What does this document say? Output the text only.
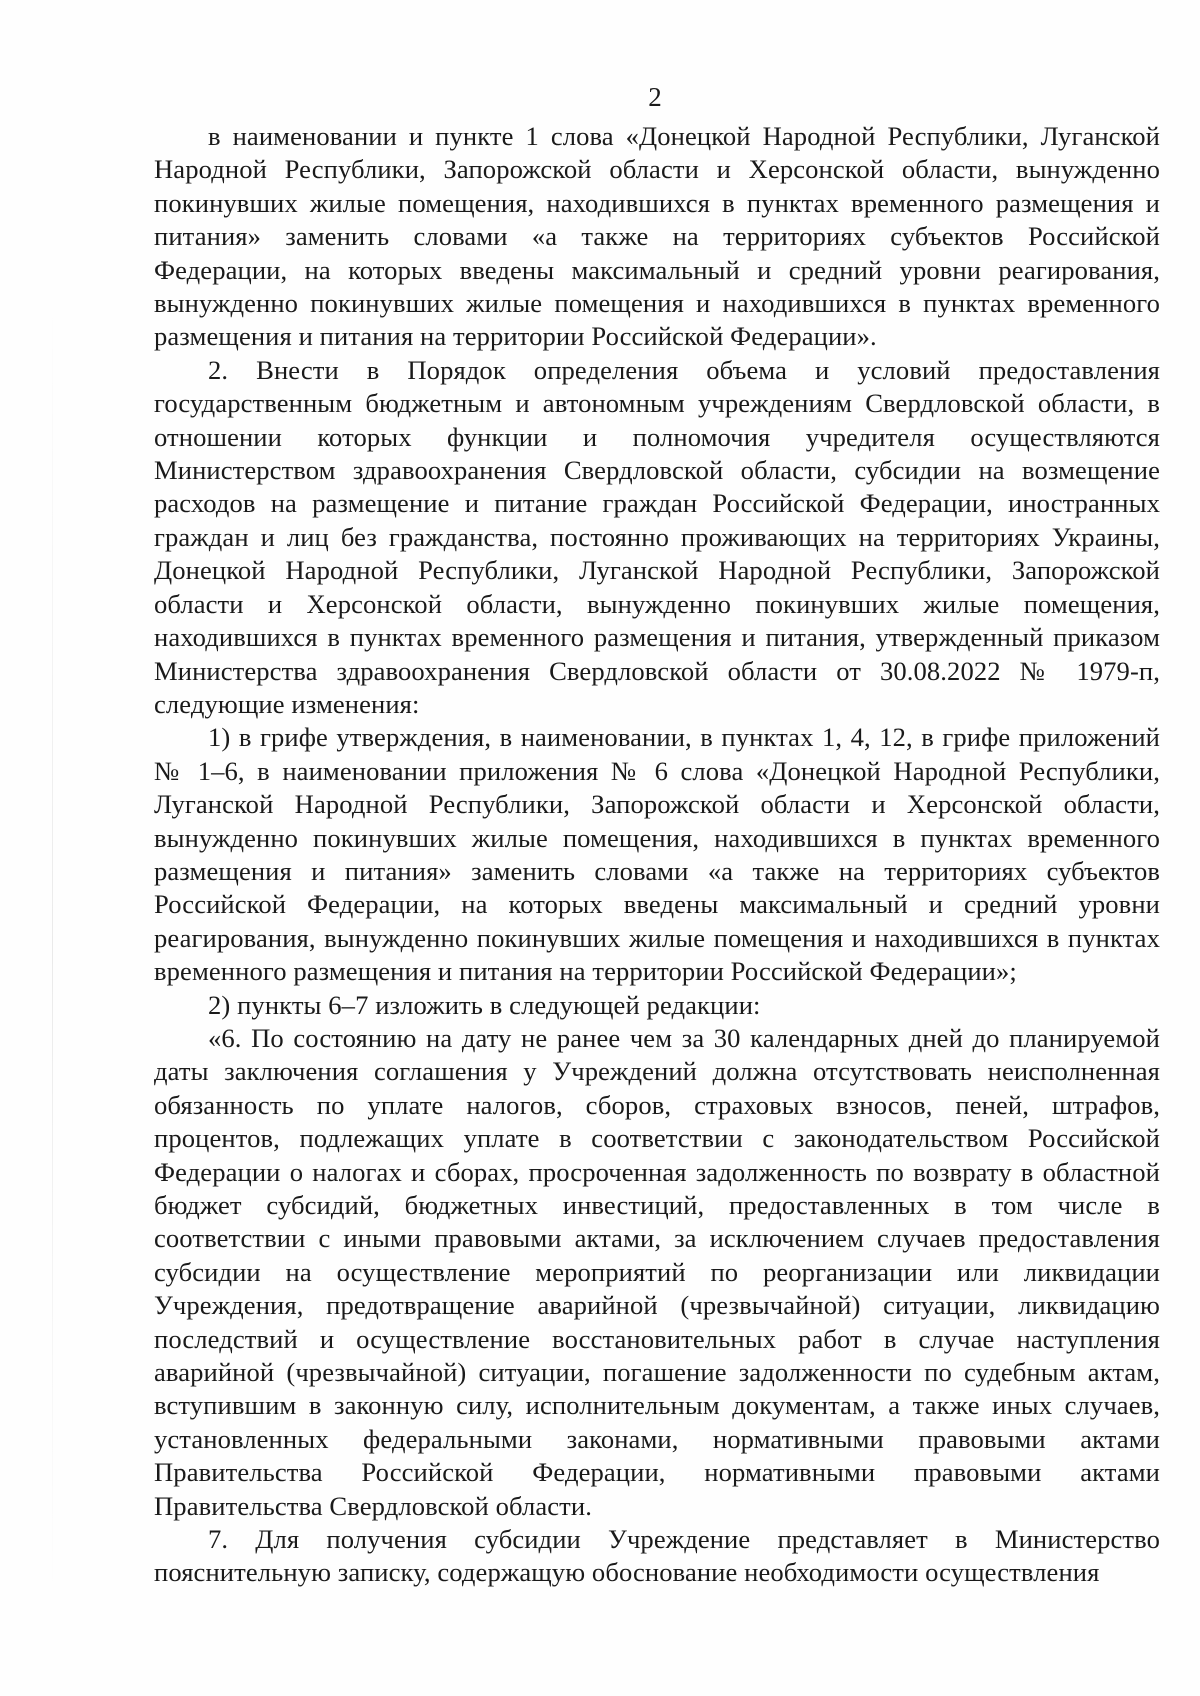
2

в наименовании и пункте 1 слова «Донецкой Народной Республики, Луганской Народной Республики, Запорожской области и Херсонской области, вынужденно покинувших жилые помещения, находившихся в пунктах временного размещения и питания» заменить словами «а также на территориях субъектов Российской Федерации, на которых введены максимальный и средний уровни реагирования, вынужденно покинувших жилые помещения и находившихся в пунктах временного размещения и питания на территории Российской Федерации».

2. Внести в Порядок определения объема и условий предоставления государственным бюджетным и автономным учреждениям Свердловской области, в отношении которых функции и полномочия учредителя осуществляются Министерством здравоохранения Свердловской области, субсидии на возмещение расходов на размещение и питание граждан Российской Федерации, иностранных граждан и лиц без гражданства, постоянно проживающих на территориях Украины, Донецкой Народной Республики, Луганской Народной Республики, Запорожской области и Херсонской области, вынужденно покинувших жилые помещения, находившихся в пунктах временного размещения и питания, утвержденный приказом Министерства здравоохранения Свердловской области от 30.08.2022 № 1979-п, следующие изменения:

1) в грифе утверждения, в наименовании, в пунктах 1, 4, 12, в грифе приложений № 1–6, в наименовании приложения № 6 слова «Донецкой Народной Республики, Луганской Народной Республики, Запорожской области и Херсонской области, вынужденно покинувших жилые помещения, находившихся в пунктах временного размещения и питания» заменить словами «а также на территориях субъектов Российской Федерации, на которых введены максимальный и средний уровни реагирования, вынужденно покинувших жилые помещения и находившихся в пунктах временного размещения и питания на территории Российской Федерации»;

2) пункты 6–7 изложить в следующей редакции:

«6. По состоянию на дату не ранее чем за 30 календарных дней до планируемой даты заключения соглашения у Учреждений должна отсутствовать неисполненная обязанность по уплате налогов, сборов, страховых взносов, пеней, штрафов, процентов, подлежащих уплате в соответствии с законодательством Российской Федерации о налогах и сборах, просроченная задолженность по возврату в областной бюджет субсидий, бюджетных инвестиций, предоставленных в том числе в соответствии с иными правовыми актами, за исключением случаев предоставления субсидии на осуществление мероприятий по реорганизации или ликвидации Учреждения, предотвращение аварийной (чрезвычайной) ситуации, ликвидацию последствий и осуществление восстановительных работ в случае наступления аварийной (чрезвычайной) ситуации, погашение задолженности по судебным актам, вступившим в законную силу, исполнительным документам, а также иных случаев, установленных федеральными законами, нормативными правовыми актами Правительства Российской Федерации, нормативными правовыми актами Правительства Свердловской области.

7. Для получения субсидии Учреждение представляет в Министерство пояснительную записку, содержащую обоснование необходимости осуществления
